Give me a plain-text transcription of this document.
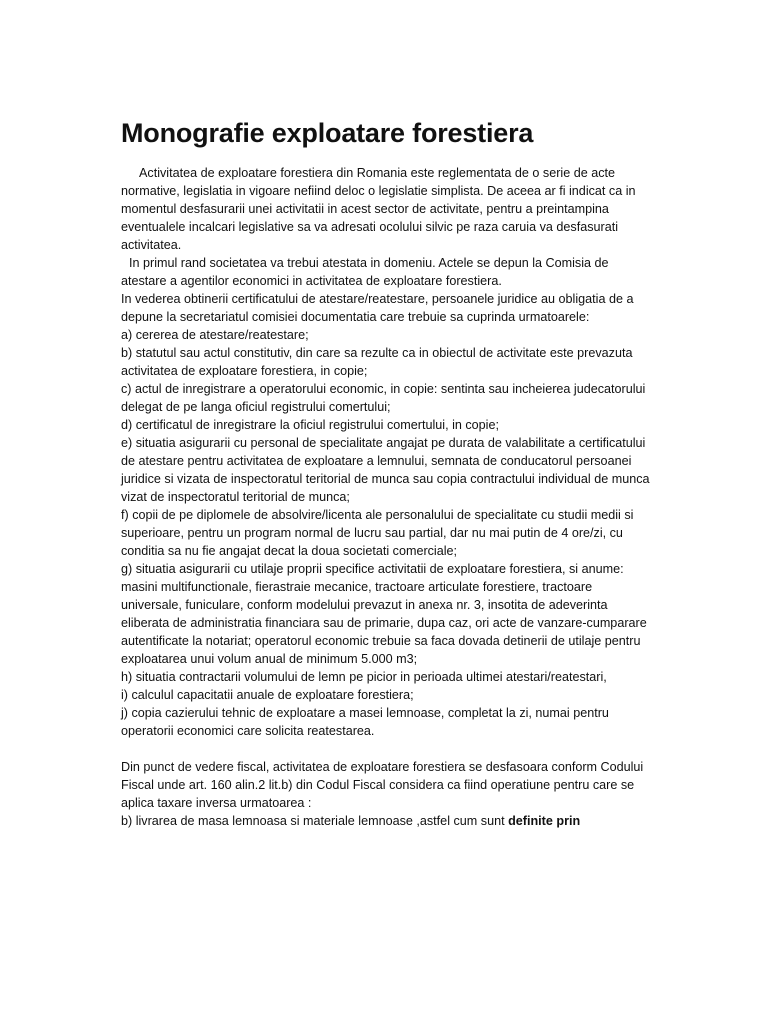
Monografie exploatare forestiera

Activitatea de exploatare forestiera din Romania este reglementata de o serie de acte normative, legislatia in vigoare nefiind deloc o legislatie simplista. De aceea ar fi indicat ca in momentul desfasurarii unei activitatii in acest sector de activitate, pentru a preintampina eventualele incalcari legislative sa va adresati ocolului silvic pe raza caruia va desfasurati activitatea.

In primul rand societatea va trebui atestata in domeniu. Actele se depun la Comisia de atestare a agentilor economici in activitatea de exploatare forestiera.

In vederea obtinerii certificatului de atestare/reatestare, persoanele juridice au obligatia de a depune la secretariatul comisiei documentatia care trebuie sa cuprinda urmatoarele:

a) cererea de atestare/reatestare;

b) statutul sau actul constitutiv, din care sa rezulte ca in obiectul de activitate este prevazuta activitatea de exploatare forestiera, in copie;

c) actul de inregistrare a operatorului economic, in copie: sentinta sau incheierea judecatorului delegat de pe langa oficiul registrului comertului;

d) certificatul de inregistrare la oficiul registrului comertului, in copie;

e) situatia asigurarii cu personal de specialitate angajat pe durata de valabilitate a certificatului de atestare pentru activitatea de exploatare a lemnului, semnata de conducatorul persoanei juridice si vizata de inspectoratul teritorial de munca sau copia contractului individual de munca vizat de inspectoratul teritorial de munca;

f) copii de pe diplomele de absolvire/licenta ale personalului de specialitate cu studii medii si superioare, pentru un program normal de lucru sau partial, dar nu mai putin de 4 ore/zi, cu conditia sa nu fie angajat decat la doua societati comerciale;

g) situatia asigurarii cu utilaje proprii specifice activitatii de exploatare forestiera, si anume: masini multifunctionale, fierastraie mecanice, tractoare articulate forestiere, tractoare universale, funiculare, conform modelului prevazut in anexa nr. 3, insotita de adeverinta eliberata de administratia financiara sau de primarie, dupa caz, ori acte de vanzare-cumparare autentificate la notariat; operatorul economic trebuie sa faca dovada detinerii de utilaje pentru exploatarea unui volum anual de minimum 5.000 m3;

h) situatia contractarii volumului de lemn pe picior in perioada ultimei atestari/reatestari,

i) calculul capacitatii anuale de exploatare forestiera;

j) copia cazierului tehnic de exploatare a masei lemnoase, completat la zi, numai pentru operatorii economici care solicita reatestarea.

Din punct de vedere fiscal, activitatea de exploatare forestiera se desfasoara conform Codului Fiscal unde art. 160 alin.2 lit.b) din Codul Fiscal considera ca fiind operatiune pentru care se aplica taxare inversa urmatoarea :

b) livrarea de masa lemnoasa si materiale lemnoase ,astfel cum sunt definite prin
